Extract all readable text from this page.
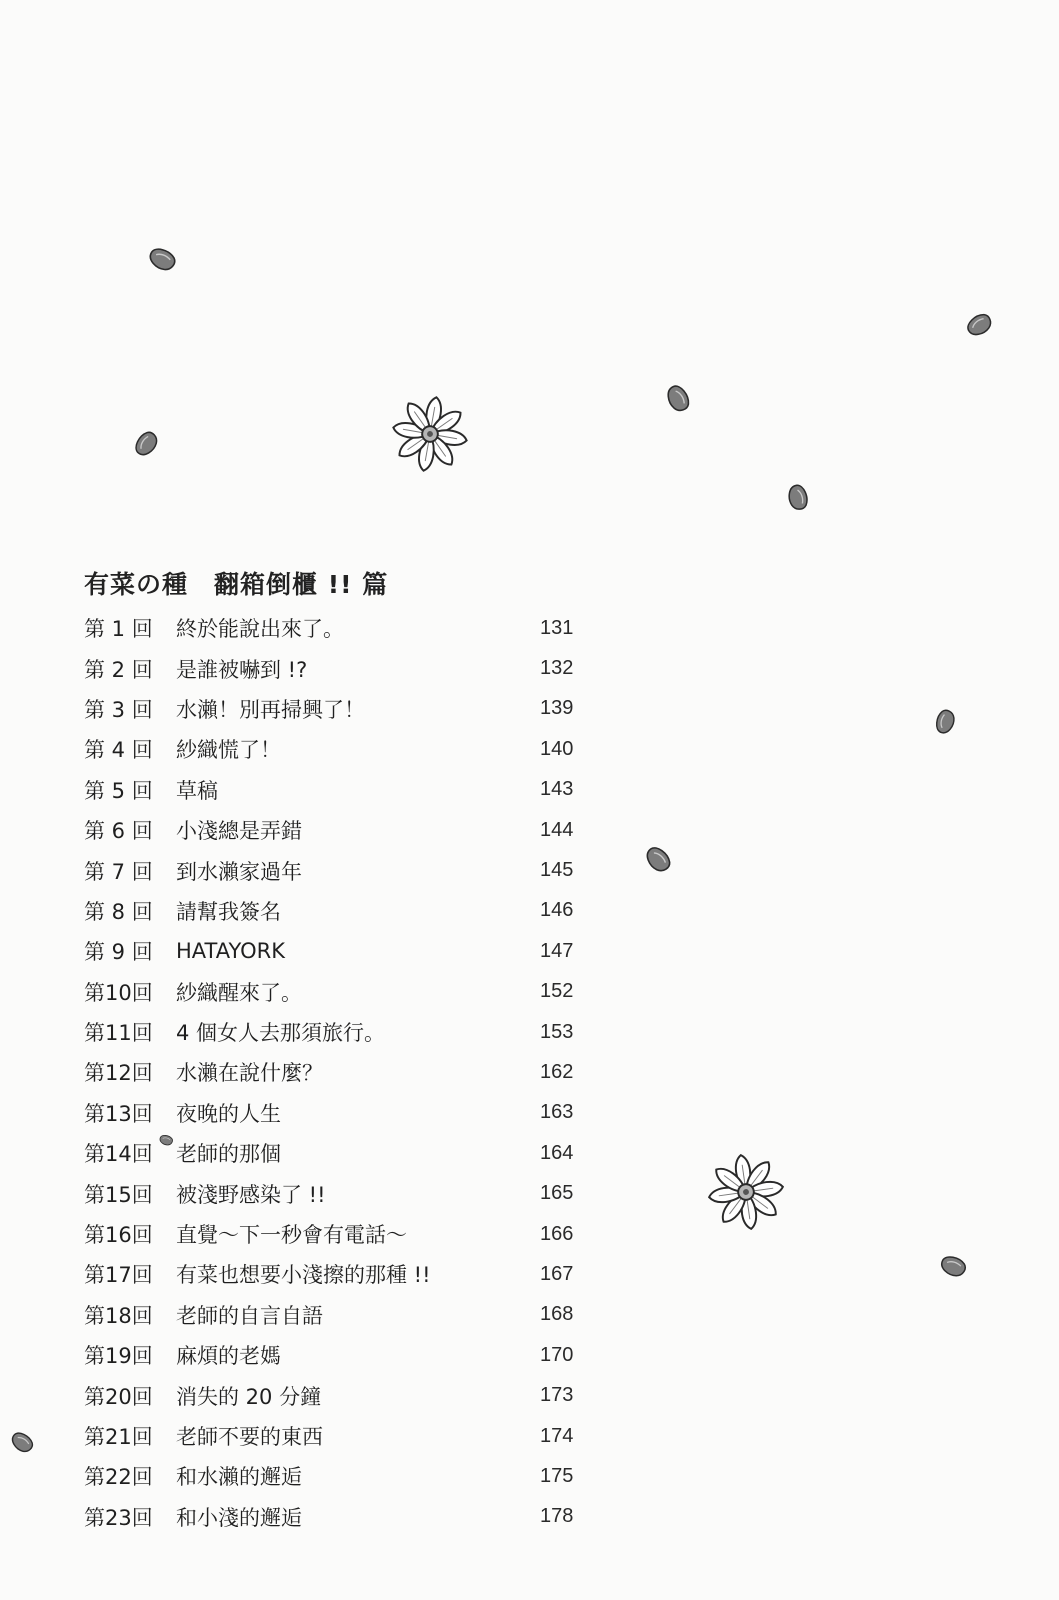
有菜の種 翻箱倒櫃 !! 篇
第 1 回	終於能說出來了。	131
第 2 回	是誰被嚇到 !?	132
第 3 回	水瀨！別再掃興了！	139
第 4 回	紗織慌了！	140
第 5 回	草稿	143
第 6 回	小淺總是弄錯	144
第 7 回	到水瀨家過年	145
第 8 回	請幫我簽名	146
第 9 回	HATAYORK	147
第10回	紗織醒來了。	152
第11回	4 個女人去那須旅行。	153
第12回	水瀨在說什麼？	162
第13回	夜晚的人生	163
第14回	老師的那個	164
第15回	被淺野感染了 !!	165
第16回	直覺～下一秒會有電話～	166
第17回	有菜也想要小淺擦的那種 !!	167
第18回	老師的自言自語	168
第19回	麻煩的老媽	170
第20回	消失的 20 分鐘	173
第21回	老師不要的東西	174
第22回	和水瀨的邂逅	175
第23回	和小淺的邂逅	178
